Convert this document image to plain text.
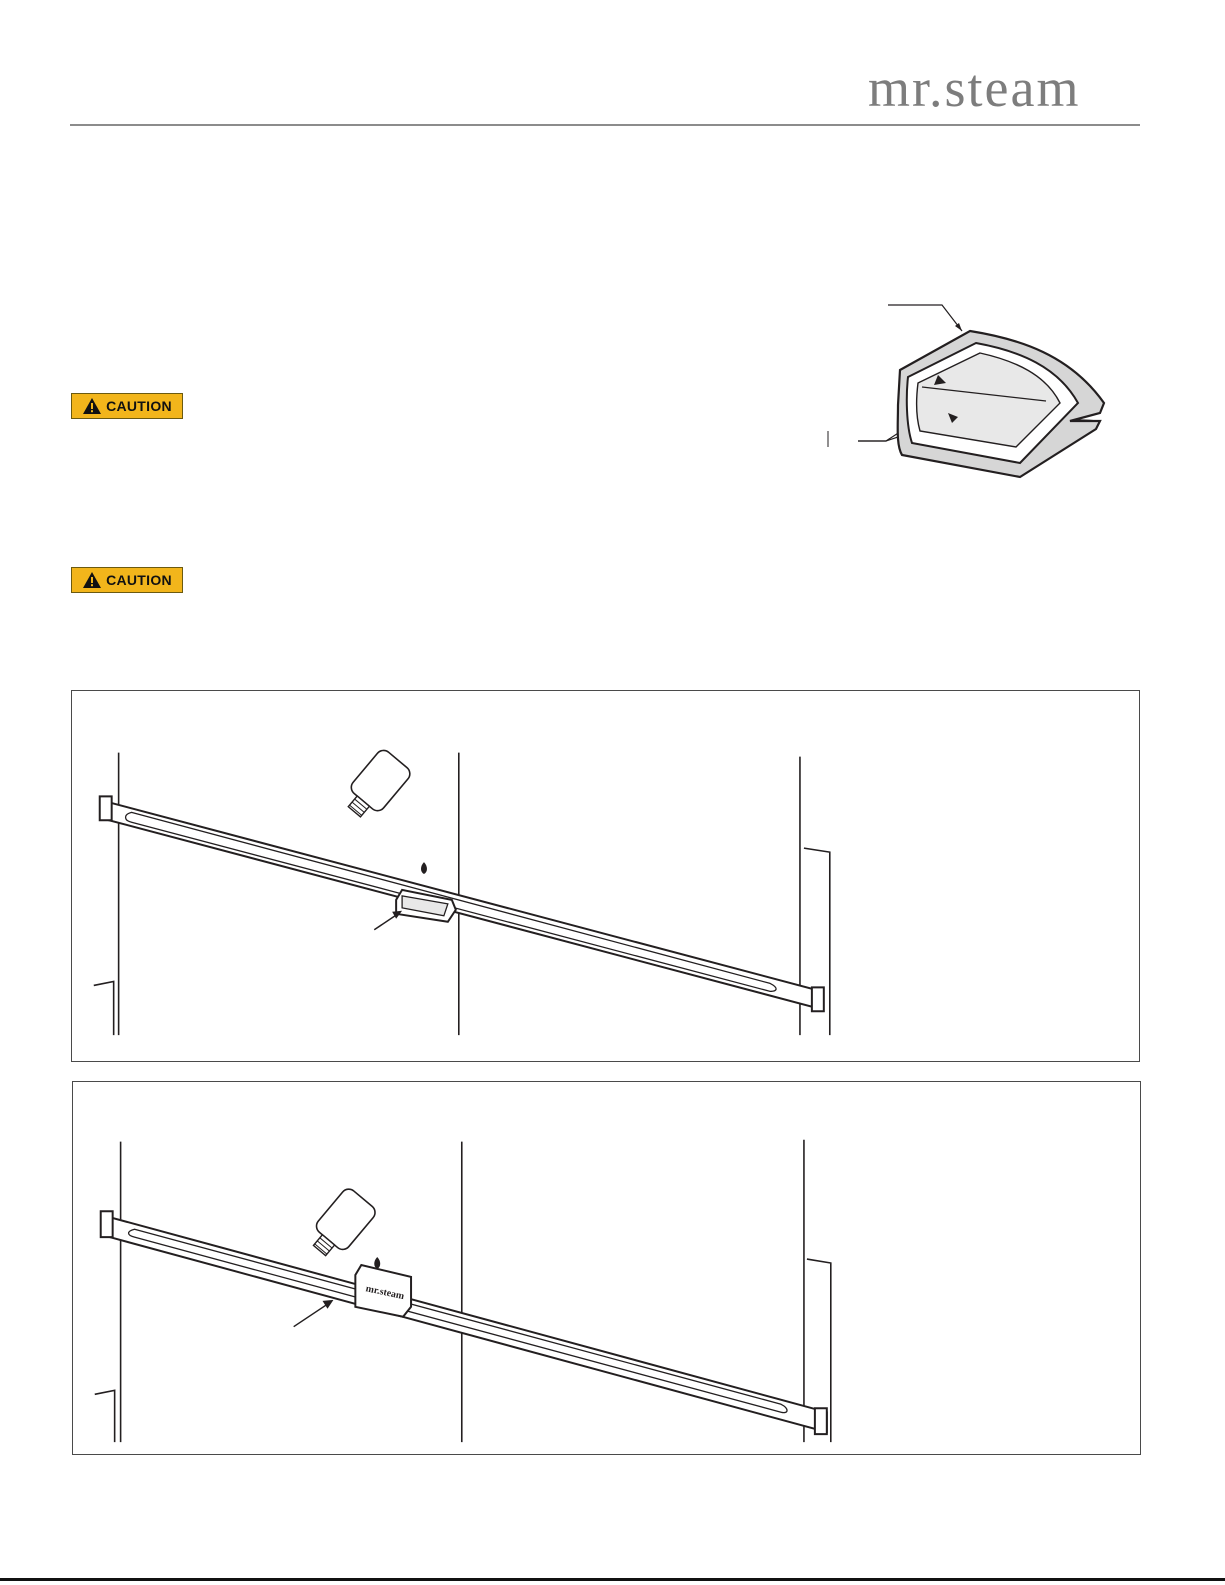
mr.steam
CAUTION
CAUTION
mr.steam
